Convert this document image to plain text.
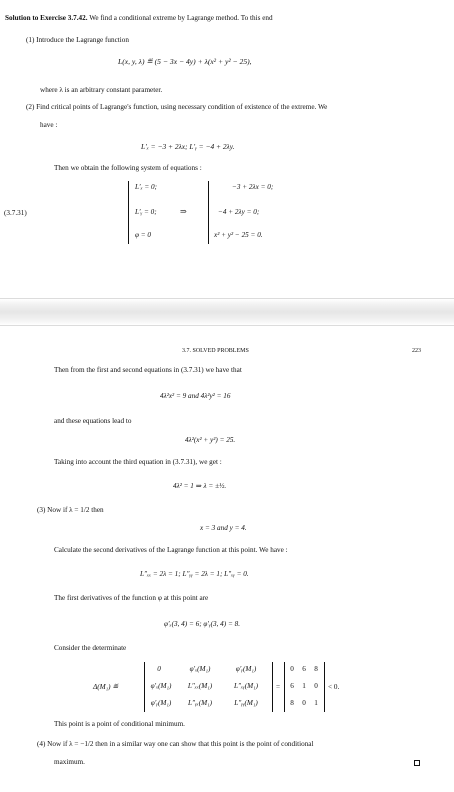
Solution to Exercise 3.7.42. We find a conditional extreme by Lagrange method. To this end
(1) Introduce the Lagrange function
L(x, y, λ) ≝ (5 − 3x − 4y) + λ(x² + y² − 25),
where λ is an arbitrary constant parameter.
(2) Find critical points of Lagrange's function, using necessary condition of existence of the extreme. We
have :
L′ₓ = −3 + 2λx; L′ᵧ = −4 + 2λy.
Then we obtain the following system of equations :
(3.7.31)
L′ₓ = 0;
L′ᵧ = 0;
φ = 0
⇒
−3 + 2λx = 0;
−4 + 2λy = 0;
x² + y² − 25 = 0.
3.7. SOLVED PROBLEMS	223
Then from the first and second equations in (3.7.31) we have that
4λ²x² = 9 and 4λ²y² = 16
and these equations lead to
4λ²(x² + y²) = 25.
Taking into account the third equation in (3.7.31), we get :
4λ² = 1 ⇒ λ = ±½.
(3) Now if λ = 1/2 then
x = 3 and y = 4.
Calculate the second derivatives of the Lagrange function at this point. We have :
L″ₓₓ = 2λ = 1; L″ᵧᵧ = 2λ = 1; L″ₓᵧ = 0.
The first derivatives of the function φ at this point are
φ′ₓ(3, 4) = 6; φ′ᵧ(3, 4) = 8.
Consider the determinate
Δ(M₁) ≝
0	φ′ₓ(M₁)	φ′ᵧ(M₁)
φ′ₓ(M₁)	L″ₓₓ(M₁)	L″ₓᵧ(M₁)
φ′ᵧ(M₁)	L″ᵧₓ(M₁)	L″ᵧᵧ(M₁)
=
0	6	8
6	1	0
8	0	1
< 0.
This point is a point of conditional minimum.
(4) Now if λ = −1/2 then in a similar way one can show that this point is the point of conditional
maximum.
